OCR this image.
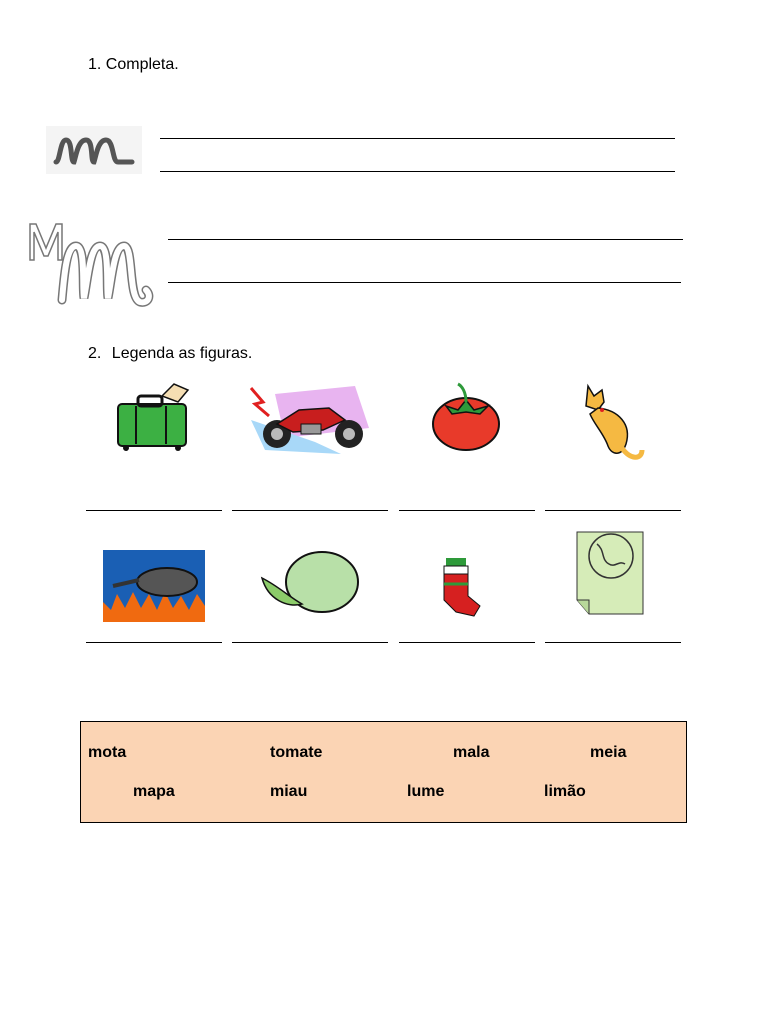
1. Completa.
2. Legenda as figuras.
mota	tomate	mala	meia
mapa	miau	lume	limão
